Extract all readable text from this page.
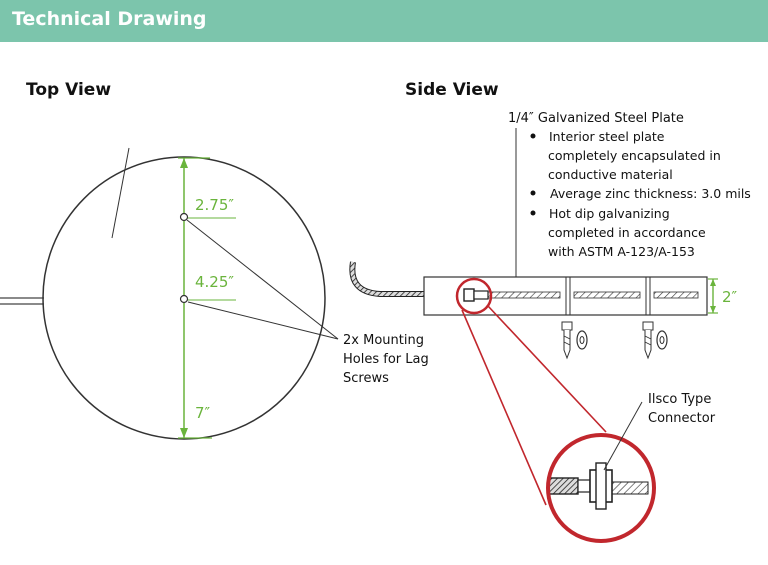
Technical Drawing
Top View	Side View
2.75″
4.25″
7″
2x Mounting Holes for Lag Screws
1/4″ Galvanized Steel Plate
Interior steel plate completely encapsulated in conductive material
Average zinc thickness: 3.0 mils
Hot dip galvanizing completed in accordance with ASTM A-123/A-153
2″
Ilsco Type Connector
